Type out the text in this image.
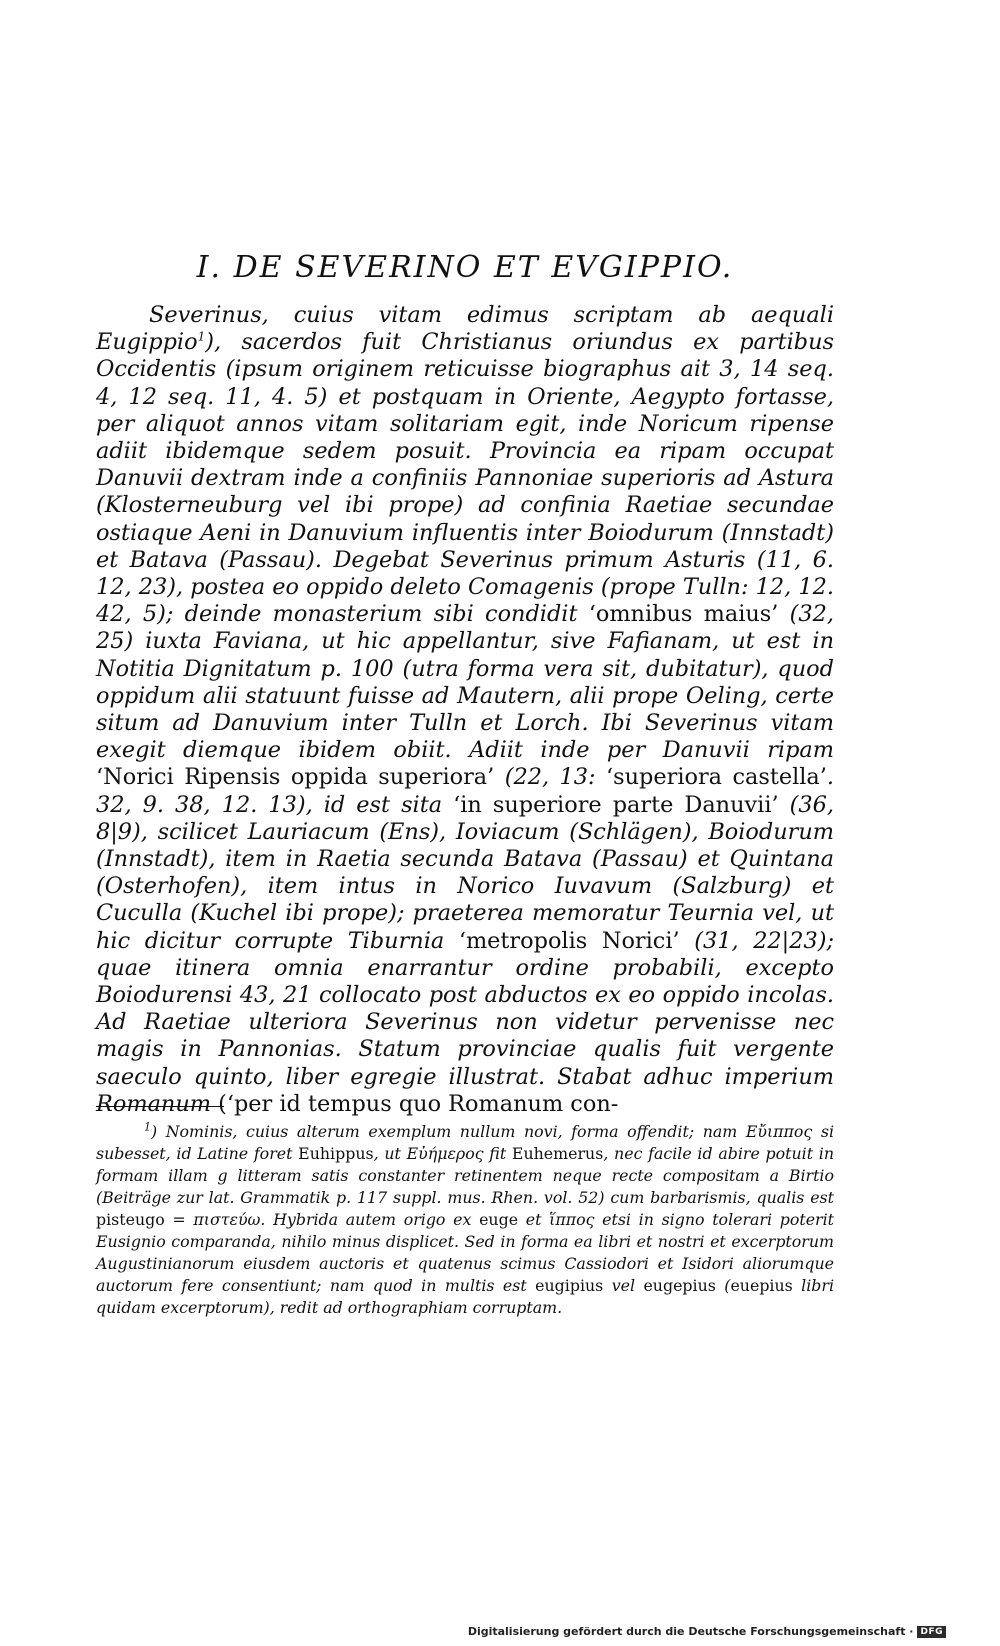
I. DE SEVERINO ET EVGIPPIO.

Severinus, cuius vitam edimus scriptam ab aequali Eugippio$^1$), sacerdos fuit Christianus oriundus ex partibus Occidentis (ipsum originem reticuisse biographus ait 3, 14 seq. 4, 12 seq. 11, 4. 5) et postquam in Oriente, Aegypto fortasse, per aliquot annos vitam solitariam egit, inde Noricum ripense adiit ibidemque sedem posuit. Provincia ea ripam occupat Danuvii dextram inde a confiniis Pannoniae superioris ad Astura (Klosterneuburg vel ibi prope) ad confinia Raetiae secundae ostiaque Aeni in Danuvium influentis inter Boiodurum (Innstadt) et Batava (Passau). Degebat Severinus primum Asturis (11, 6. 12, 23), postea eo oppido deleto Comagenis (prope Tulln: 12, 12. 42, 5); deinde monasterium sibi condidit ‘omnibus maius’ (32, 25) iuxta Faviana, ut hic appellantur, sive Fafianam, ut est in Notitia Dignitatum p. 100 (utra forma vera sit, dubitatur), quod oppidum alii statuunt fuisse ad Mautern, alii prope Oeling, certe situm ad Danuvium inter Tulln et Lorch. Ibi Severinus vitam exegit diemque ibidem obiit. Adiit inde per Danuvii ripam ‘Norici Ripensis oppida superiora’ (22, 13: ‘superiora castella’. 32, 9. 38, 12. 13), id est sita ‘in superiore parte Danuvii’ (36, 8|9), scilicet Lauriacum (Ens), Ioviacum (Schlägen), Boiodurum (Innstadt), item in Raetia secunda Batava (Passau) et Quintana (Osterhofen), item intus in Norico Iuvavum (Salzburg) et Cuculla (Kuchel ibi prope); praeterea memoratur Teurnia vel, ut hic dicitur corrupte Tiburnia ‘metropolis Norici’ (31, 22|23); quae itinera omnia enarrantur ordine probabili, excepto Boiodurensi 43, 21 collocato post abductos ex eo oppido incolas. Ad Raetiae ulteriora Severinus non videtur pervenisse nec magis in Pannonias. Statum provinciae qualis fuit vergente saeculo quinto, liber egregie illustrat. Stabat adhuc imperium Romanum (‘per id tempus quo Romanum con-

$^1$) Nominis, cuius alterum exemplum nullum novi, forma offendit; nam Εὔιππος si subesset, id Latine foret Euhippus, ut Εὐήμερος fit Euhemerus, nec facile id abire potuit in formam illam g litteram satis constanter retinentem neque recte compositam a Birtio (Beiträge zur lat. Grammatik p. 117 suppl. mus. Rhen. vol. 52) cum barbarismis, qualis est pisteugo = πιστεύω. Hybrida autem origo ex euge et ἵππος etsi in signo tolerari poterit Eusignio comparanda, nihilo minus displicet. Sed in forma ea libri et nostri et excerptorum Augustinianorum eiusdem auctoris et quatenus scimus Cassiodori et Isidori aliorumque auctorum fere consentiunt; nam quod in multis est eugipius vel eugepius (euepius libri quidam excerptorum), redit ad orthographiam corruptam.

Digitalisierung gefördert durch die Deutsche Forschungsgemeinschaft · DFG
